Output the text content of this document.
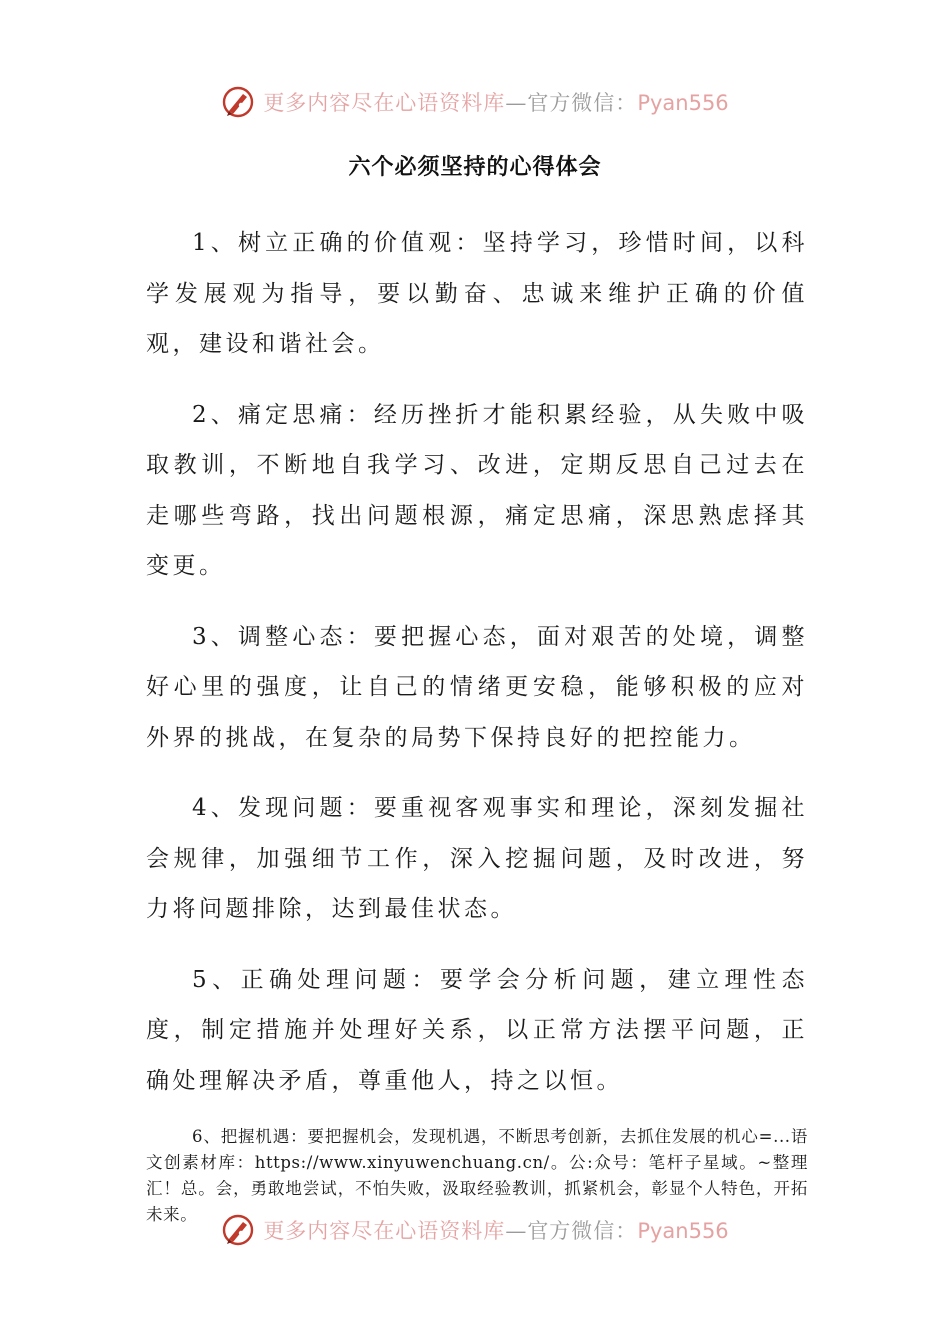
更多内容尽在心语资料库—官方微信：Pyan556
六个必须坚持的心得体会

1、树立正确的价值观：坚持学习，珍惜时间，以科学发展观为指导，要以勤奋、忠诚来维护正确的价值观，建设和谐社会。

2、痛定思痛：经历挫折才能积累经验，从失败中吸取教训，不断地自我学习、改进，定期反思自己过去在走哪些弯路，找出问题根源，痛定思痛，深思熟虑择其变更。

3、调整心态：要把握心态，面对艰苦的处境，调整好心里的强度，让自己的情绪更安稳，能够积极的应对外界的挑战，在复杂的局势下保持良好的把控能力。

4、发现问题：要重视客观事实和理论，深刻发掘社会规律，加强细节工作，深入挖掘问题，及时改进，努力将问题排除，达到最佳状态。

5、正确处理问题：要学会分析问题，建立理性态度，制定措施并处理好关系，以正常方法摆平问题，正确处理解决矛盾，尊重他人，持之以恒。

6、把握机遇：要把握机会，发现机遇，不断思考创新，去抓住发展的机心=...语文创素材库：https://www.xinyuwenchuang.cn/。公:众号：笔杆子星域。~整理汇！总。会，勇敢地尝试，不怕失败，汲取经验教训，抓紧机会，彰显个人特色，开拓未来。

更多内容尽在心语资料库—官方微信：Pyan556
